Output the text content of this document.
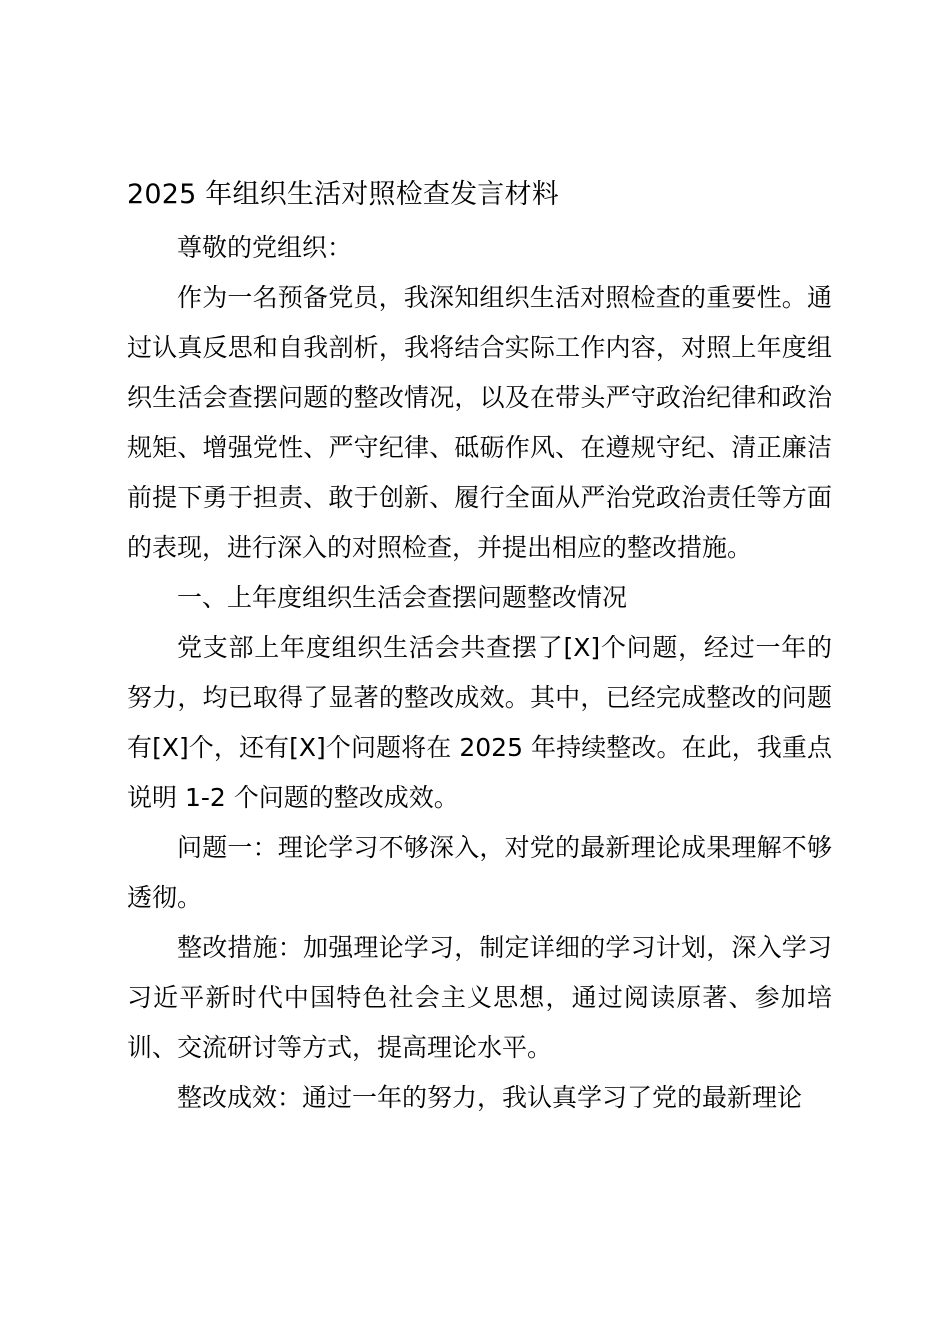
2025 年组织生活对照检查发言材料

尊敬的党组织：

作为一名预备党员，我深知组织生活对照检查的重要性。通过认真反思和自我剖析，我将结合实际工作内容，对照上年度组织生活会查摆问题的整改情况，以及在带头严守政治纪律和政治规矩、增强党性、严守纪律、砥砺作风、在遵规守纪、清正廉洁前提下勇于担责、敢于创新、履行全面从严治党政治责任等方面的表现，进行深入的对照检查，并提出相应的整改措施。

一、上年度组织生活会查摆问题整改情况

党支部上年度组织生活会共查摆了[X]个问题，经过一年的努力，均已取得了显著的整改成效。其中，已经完成整改的问题有[X]个，还有[X]个问题将在 2025 年持续整改。在此，我重点说明 1-2 个问题的整改成效。

问题一：理论学习不够深入，对党的最新理论成果理解不够透彻。

整改措施：加强理论学习，制定详细的学习计划，深入学习习近平新时代中国特色社会主义思想，通过阅读原著、参加培训、交流研讨等方式，提高理论水平。

整改成效：通过一年的努力，我认真学习了党的最新理论
